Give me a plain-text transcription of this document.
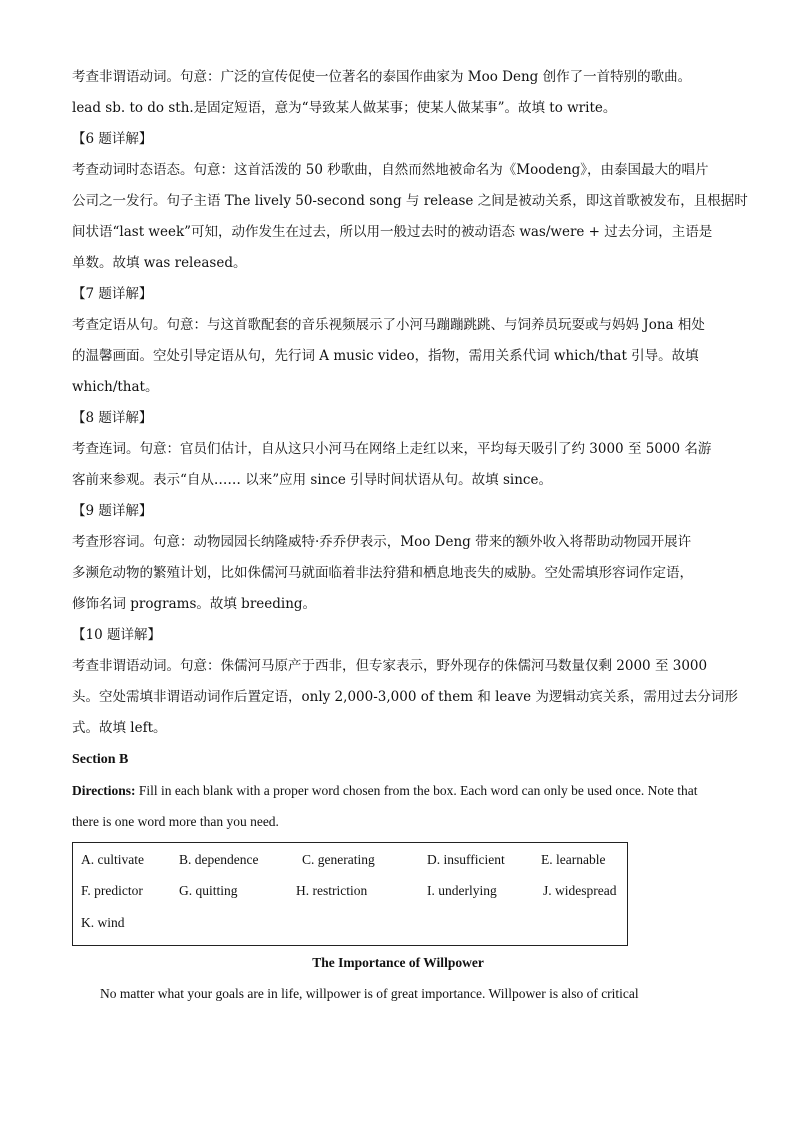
考查非谓语动词。句意：广泛的宣传促使一位著名的泰国作曲家为 Moo Deng 创作了一首特别的歌曲。

lead sb. to do sth.是固定短语，意为“导致某人做某事；使某人做某事”。故填 to write。

【6 题详解】

考查动词时态语态。句意：这首活泼的 50 秒歌曲，自然而然地被命名为《Moodeng》，由泰国最大的唱片

公司之一发行。句子主语 The lively 50-second song 与 release 之间是被动关系，即这首歌被发布，且根据时

间状语“last week”可知，动作发生在过去，所以用一般过去时的被动语态 was/were + 过去分词，主语是

单数。故填 was released。

【7 题详解】

考查定语从句。句意：与这首歌配套的音乐视频展示了小河马蹦蹦跳跳、与饲养员玩耍或与妈妈 Jona 相处

的温馨画面。空处引导定语从句，先行词 A music video，指物，需用关系代词 which/that 引导。故填

which/that。

【8 题详解】

考查连词。句意：官员们估计，自从这只小河马在网络上走红以来，平均每天吸引了约 3000 至 5000 名游

客前来参观。表示“自从…… 以来”应用 since 引导时间状语从句。故填 since。

【9 题详解】

考查形容词。句意：动物园园长纳隆威特·乔乔伊表示，Moo Deng 带来的额外收入将帮助动物园开展许

多濒危动物的繁殖计划，比如侏儒河马就面临着非法狩猎和栖息地丧失的威胁。空处需填形容词作定语，

修饰名词 programs。故填 breeding。

【10 题详解】

考查非谓语动词。句意：侏儒河马原产于西非，但专家表示，野外现存的侏儒河马数量仅剩 2000 至 3000

头。空处需填非谓语动词作后置定语，only 2,000-3,000 of them 和 leave 为逻辑动宾关系，需用过去分词形

式。故填 left。

Section B

Directions: Fill in each blank with a proper word chosen from the box. Each word can only be used once. Note that

there is one word more than you need.

A. cultivate	B. dependence	C. generating	D. insufficient	E. learnable
F. predictor	G. quitting	H. restriction	I. underlying	J. widespread
K. wind
The Importance of Willpower

No matter what your goals are in life, willpower is of great importance. Willpower is also of critical
